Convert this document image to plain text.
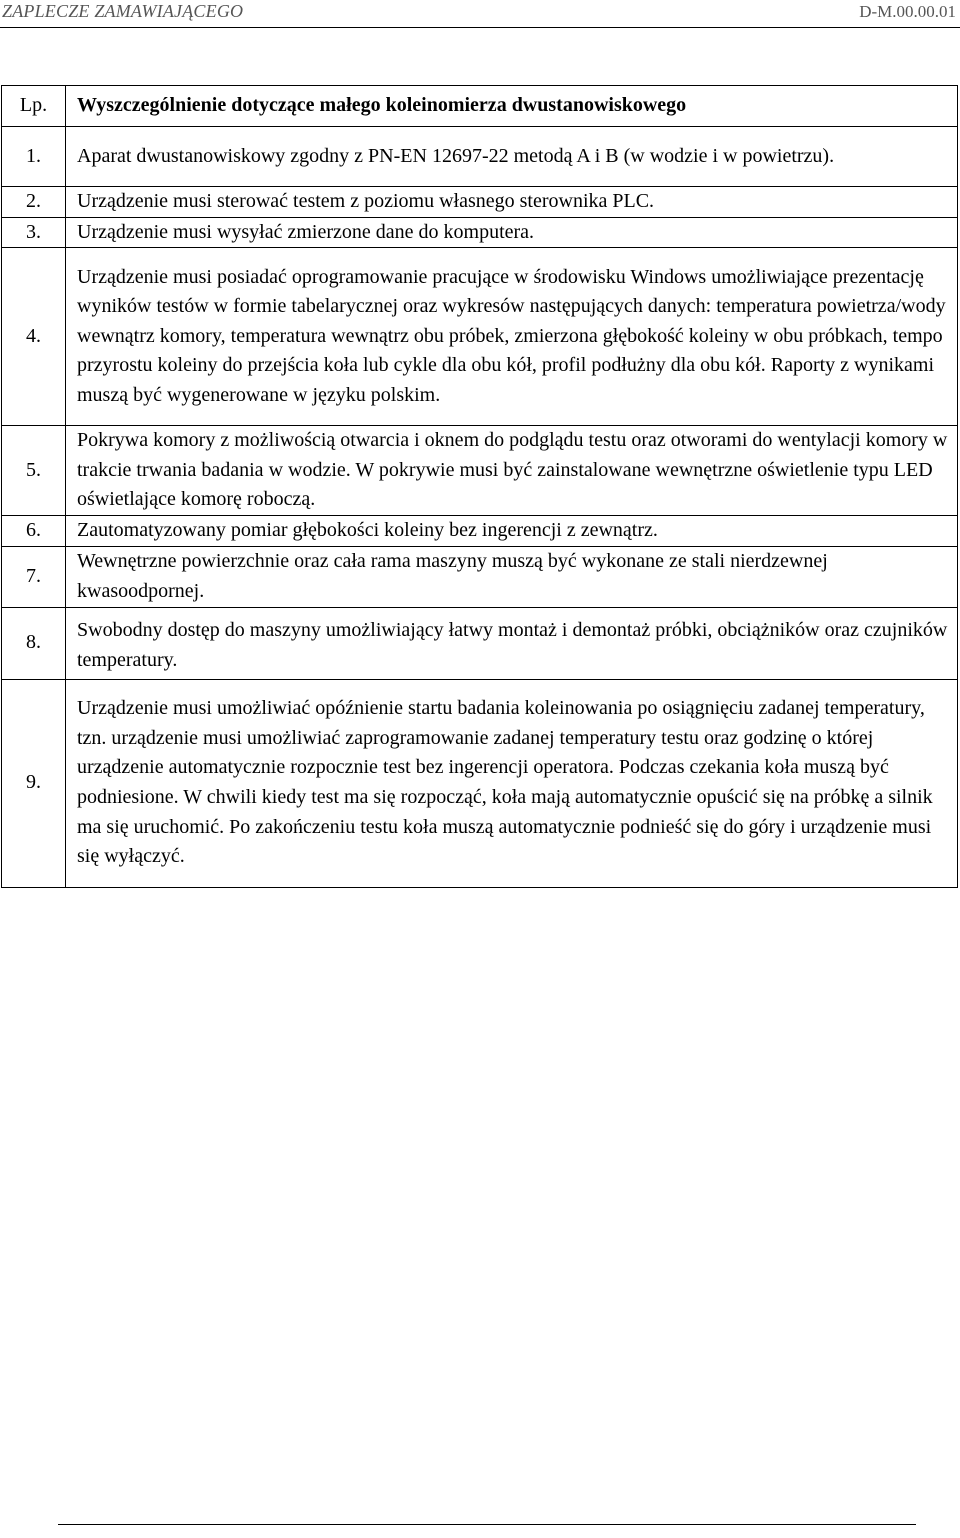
ZAPLECZE ZAMAWIAJĄCEGO	D-M.00.00.01
Lp.	Wyszczególnienie dotyczące małego koleinomierza dwustanowiskowego
1.	Aparat dwustanowiskowy zgodny z PN-EN 12697-22 metodą A i B (w wodzie i w powietrzu).
2.	Urządzenie musi sterować testem z poziomu własnego sterownika PLC.
3.	Urządzenie musi wysyłać zmierzone dane do komputera.
4.	Urządzenie musi posiadać oprogramowanie pracujące w środowisku Windows umożliwiające prezentację wyników testów w formie tabelarycznej oraz wykresów następujących danych: temperatura powietrza/wody wewnątrz komory, temperatura wewnątrz obu próbek, zmierzona głębokość koleiny w obu próbkach, tempo przyrostu koleiny do przejścia koła lub cykle dla obu kół, profil podłużny dla obu kół. Raporty z wynikami muszą być wygenerowane w języku polskim.
5.	Pokrywa komory z możliwością otwarcia i oknem do podglądu testu oraz otworami do wentylacji komory w trakcie trwania badania w wodzie. W pokrywie musi być zainstalowane wewnętrzne oświetlenie typu LED oświetlające komorę roboczą.
6.	Zautomatyzowany pomiar głębokości koleiny bez ingerencji z zewnątrz.
7.	Wewnętrzne powierzchnie oraz cała rama maszyny muszą być wykonane ze stali nierdzewnej kwasoodpornej.
8.	Swobodny dostęp do maszyny umożliwiający łatwy montaż i demontaż próbki, obciążników oraz czujników temperatury.
9.	Urządzenie musi umożliwiać opóźnienie startu badania koleinowania po osiągnięciu zadanej temperatury, tzn. urządzenie musi umożliwiać zaprogramowanie zadanej temperatury testu oraz godzinę o której urządzenie automatycznie rozpocznie test bez ingerencji operatora. Podczas czekania koła muszą być podniesione. W chwili kiedy test ma się rozpocząć, koła mają automatycznie opuścić się na próbkę a silnik ma się uruchomić. Po zakończeniu testu koła muszą automatycznie podnieść się do góry i urządzenie musi się wyłączyć.
